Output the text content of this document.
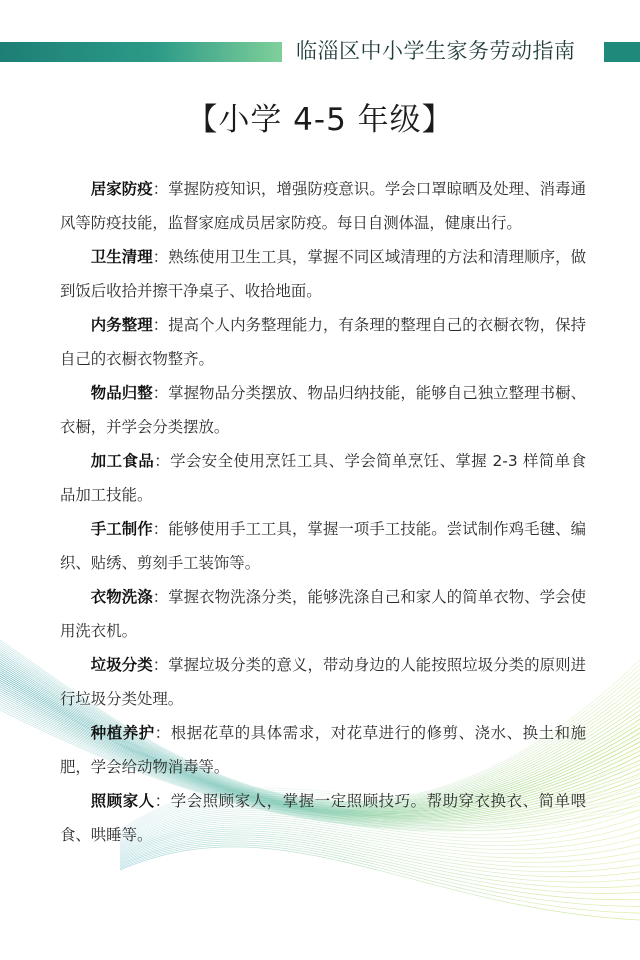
临淄区中小学生家务劳动指南
【小学 4-5 年级】

居家防疫：掌握防疫知识，增强防疫意识。学会口罩晾晒及处理、消毒通风等防疫技能，监督家庭成员居家防疫。每日自测体温，健康出行。

卫生清理：熟练使用卫生工具，掌握不同区域清理的方法和清理顺序，做到饭后收拾并擦干净桌子、收拾地面。

内务整理：提高个人内务整理能力，有条理的整理自己的衣橱衣物，保持自己的衣橱衣物整齐。

物品归整：掌握物品分类摆放、物品归纳技能，能够自己独立整理书橱、衣橱，并学会分类摆放。

加工食品：学会安全使用烹饪工具、学会简单烹饪、掌握 2-3 样简单食品加工技能。

手工制作：能够使用手工工具，掌握一项手工技能。尝试制作鸡毛毽、编织、贴绣、剪刻手工装饰等。

衣物洗涤：掌握衣物洗涤分类，能够洗涤自己和家人的简单衣物、学会使用洗衣机。

垃圾分类：掌握垃圾分类的意义，带动身边的人能按照垃圾分类的原则进行垃圾分类处理。

种植养护：根据花草的具体需求，对花草进行的修剪、浇水、换土和施肥，学会给动物消毒等。

照顾家人：学会照顾家人，掌握一定照顾技巧。帮助穿衣换衣、简单喂食、哄睡等。
